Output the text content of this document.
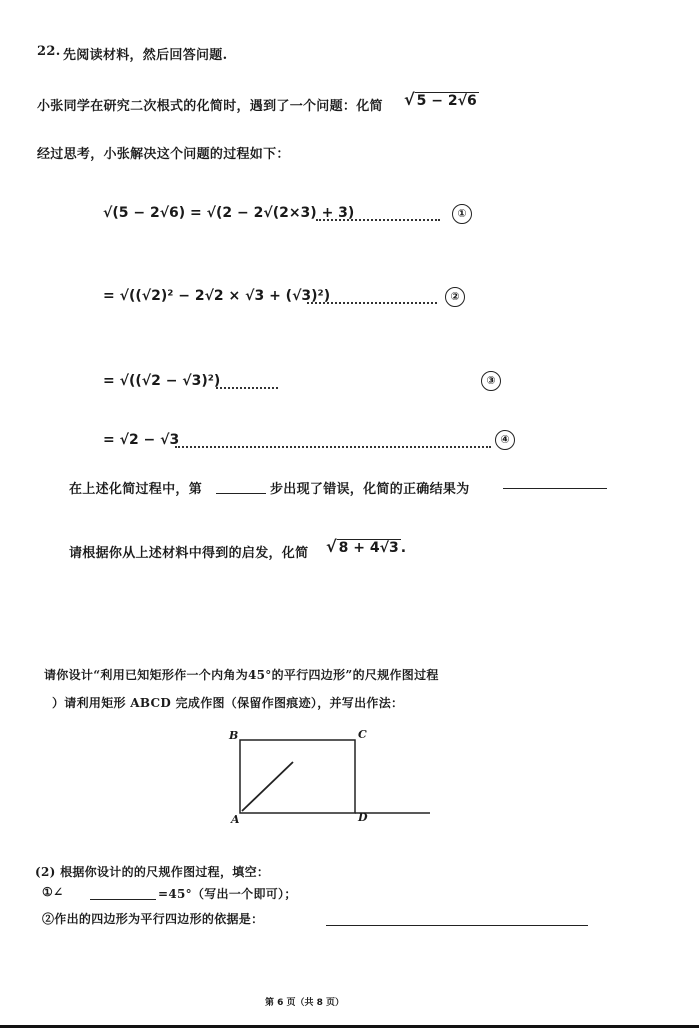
22. 先阅读材料，然后回答问题.
小张同学在研究二次根式的化简时，遇到了一个问题：化简 √ 5 − 2√6
经过思考，小张解决这个问题的过程如下：
√(5 − 2√6) = √(2 − 2√(2×3) + 3)	①
= √((√2)² − 2√2 × √3 + (√3)²)	②
= √((√2 − √3)²)	③
= √2 − √3	④
在上述化简过程中，第	步出现了错误，化简的正确结果为
请根据你从上述材料中得到的启发，化简 √ 8 + 4√3 .
请你设计“利用已知矩形作一个内角为45°的平行四边形”的尺规作图过程
）请利用矩形 ABCD 完成作图（保留作图痕迹），并写出作法：
B	C
A	D
(2) 根据你设计的的尺规作图过程，填空：
①∠	=45°（写出一个即可）；
②作出的四边形为平行四边形的依据是：
第 6 页（共 8 页）
